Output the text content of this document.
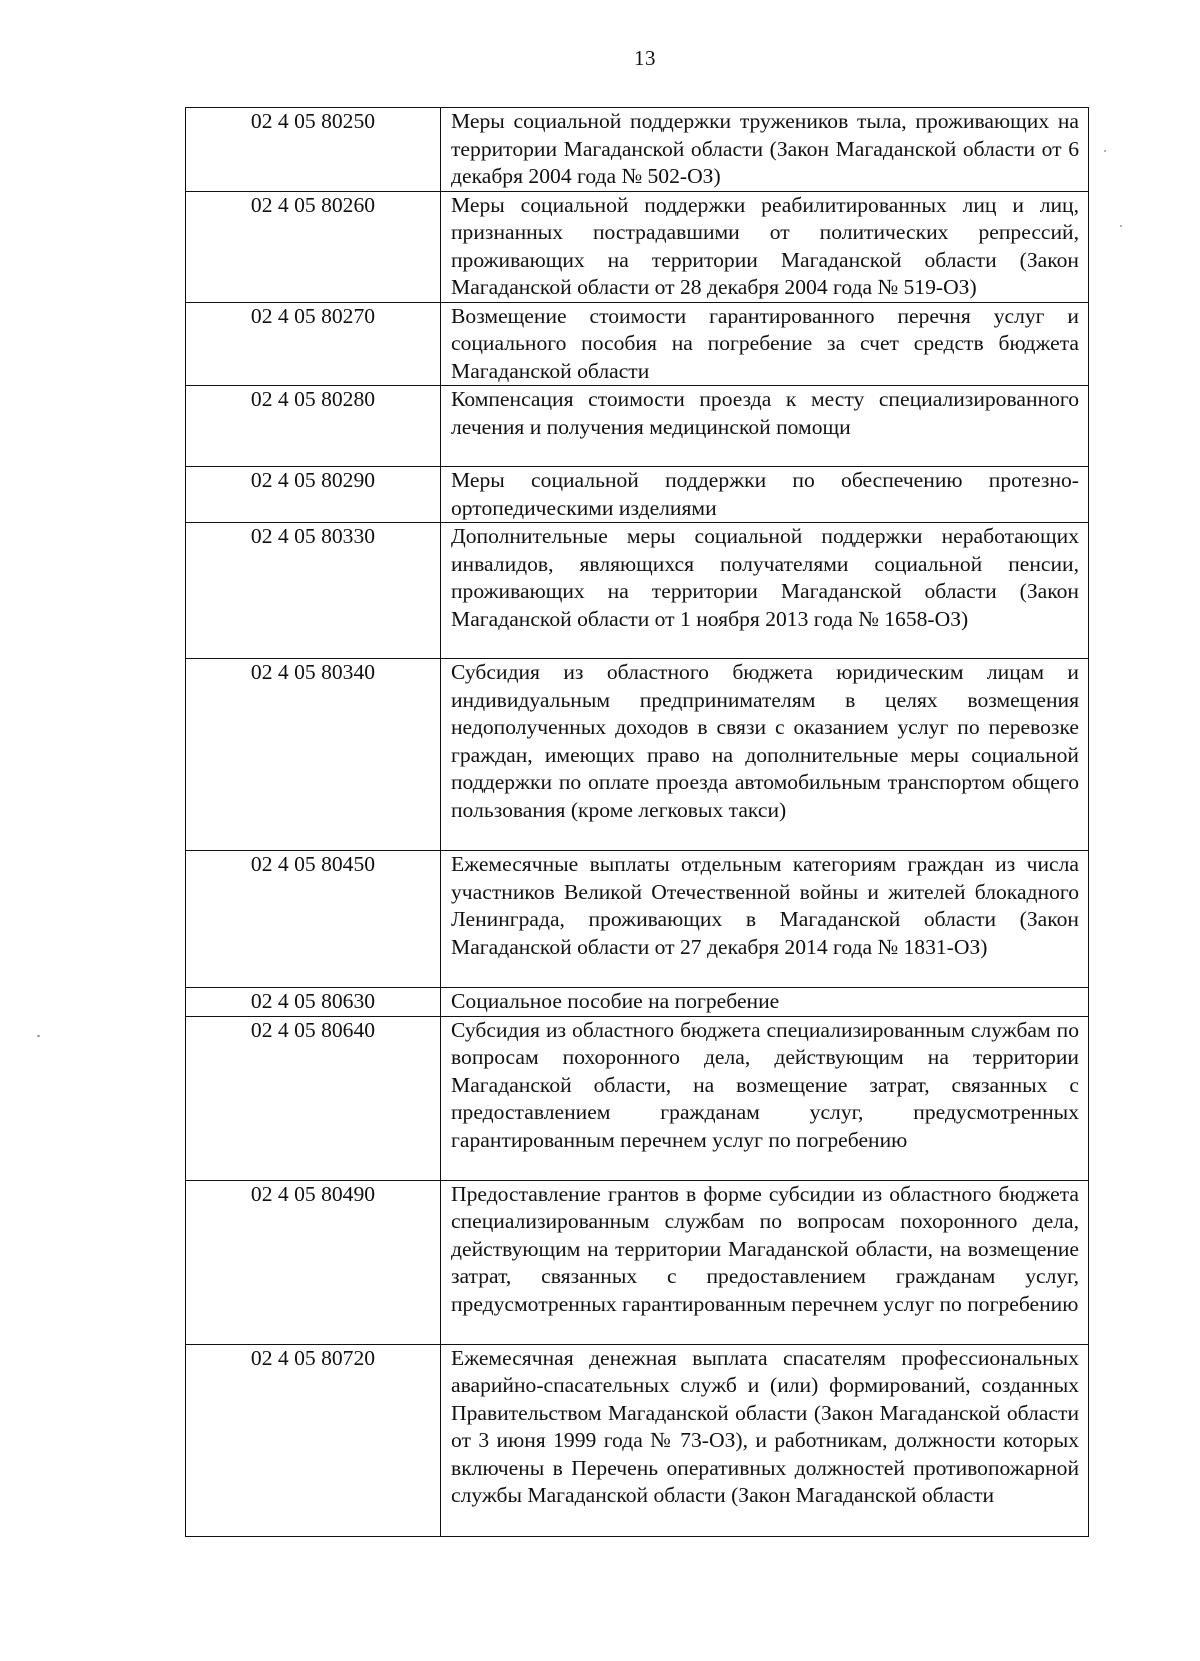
13
02 4 05 80250	Меры социальной поддержки тружеников тыла, проживающих на территории Магаданской области (Закон Магаданской области от 6 декабря 2004 года № 502-ОЗ)
02 4 05 80260	Меры социальной поддержки реабилитированных лиц и лиц, признанных пострадавшими от политических репрессий, проживающих на территории Магаданской области (Закон Магаданской области от 28 декабря 2004 года № 519-ОЗ)
02 4 05 80270	Возмещение стоимости гарантированного перечня услуг и социального пособия на погребение за счет средств бюджета Магаданской области
02 4 05 80280	Компенсация стоимости проезда к месту специализированного лечения и получения медицинской помощи
02 4 05 80290	Меры социальной поддержки по обеспечению протезно-ортопедическими изделиями
02 4 05 80330	Дополнительные меры социальной поддержки неработающих инвалидов, являющихся получателями социальной пенсии, проживающих на территории Магаданской области (Закон Магаданской области от 1 ноября 2013 года № 1658-ОЗ)
02 4 05 80340	Субсидия из областного бюджета юридическим лицам и индивидуальным предпринимателям в целях возмещения недополученных доходов в связи с оказанием услуг по перевозке граждан, имеющих право на дополнительные меры социальной поддержки по оплате проезда автомобильным транспортом общего пользования (кроме легковых такси)
02 4 05 80450	Ежемесячные выплаты отдельным категориям граждан из числа участников Великой Отечественной войны и жителей блокадного Ленинграда, проживающих в Магаданской области (Закон Магаданской области от 27 декабря 2014 года № 1831-ОЗ)
02 4 05 80630	Социальное пособие на погребение
02 4 05 80640	Субсидия из областного бюджета специализированным службам по вопросам похоронного дела, действующим на территории Магаданской области, на возмещение затрат, связанных с предоставлением гражданам услуг, предусмотренных гарантированным перечнем услуг по погребению
02 4 05 80490	Предоставление грантов в форме субсидии из областного бюджета специализированным службам по вопросам похоронного дела, действующим на территории Магаданской области, на возмещение затрат, связанных с предоставлением гражданам услуг, предусмотренных гарантированным перечнем услуг по погребению
02 4 05 80720	Ежемесячная денежная выплата спасателям профессиональных аварийно-спасательных служб и (или) формирований, созданных Правительством Магаданской области (Закон Магаданской области от 3 июня 1999 года № 73-ОЗ), и работникам, должности которых включены в Перечень оперативных должностей противопожарной службы Магаданской области (Закон Магаданской области
